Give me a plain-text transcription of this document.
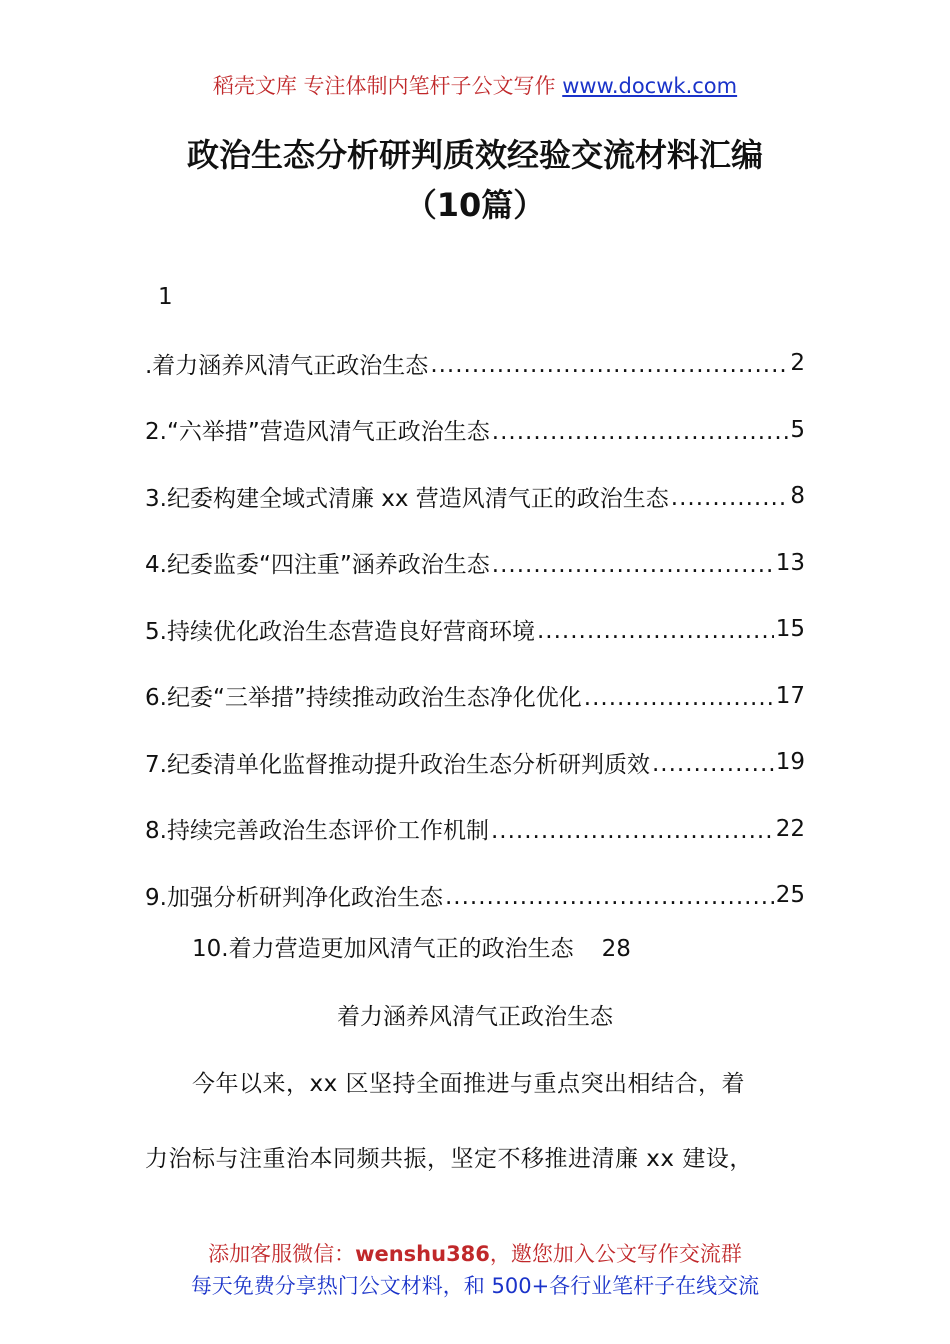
稻壳文库 专注体制内笔杆子公文写作 www.docwk.com
政治生态分析研判质效经验交流材料汇编
（10篇）
1
.着力涵养风清气正政治生态 .....	2
2.“六举措”营造风清气正政治生态 .....	5
3.纪委构建全域式清廉 xx 营造风清气正的政治生态 .....	8
4.纪委监委“四注重”涵养政治生态 .....	13
5.持续优化政治生态营造良好营商环境 .....	15
6.纪委“三举措”持续推动政治生态净化优化 .....	17
7.纪委清单化监督推动提升政治生态分析研判质效 .....	19
8.持续完善政治生态评价工作机制 .....	22
9.加强分析研判净化政治生态 .....	25
10.着力营造更加风清气正的政治生态 28
着力涵养风清气正政治生态
今年以来，xx 区坚持全面推进与重点突出相结合，着
力治标与注重治本同频共振，坚定不移推进清廉 xx 建设，
添加客服微信：wenshu386，邀您加入公文写作交流群
每天免费分享热门公文材料，和 500+各行业笔杆子在线交流
